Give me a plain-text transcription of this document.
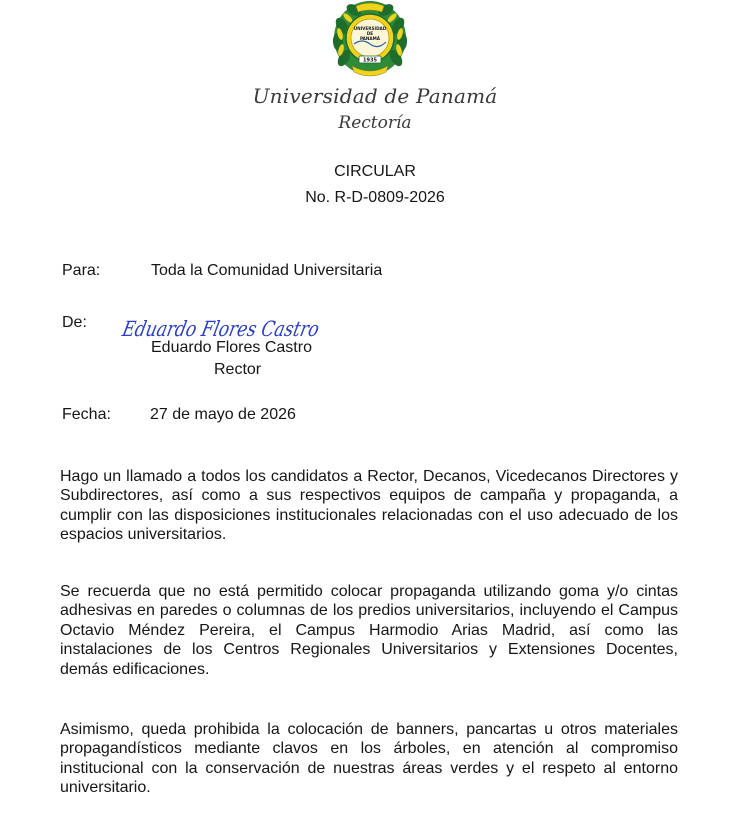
UNIVERSIDAD
DE
PANAMÁ
1935
Universidad de Panamá
Rectoría
CIRCULAR
No. R-D-0809-2026
Para:	Toda la Comunidad Universitaria
De: Eduardo Flores Castro
Eduardo Flores Castro
Rector
Fecha: 27 de mayo de 2026
Hago un llamado a todos los candidatos a Rector, Decanos, Vicedecanos Directores y Subdirectores, así como a sus respectivos equipos de campaña y propaganda, a cumplir con las disposiciones institucionales relacionadas con el uso adecuado de los espacios universitarios.
Se recuerda que no está permitido colocar propaganda utilizando goma y/o cintas adhesivas en paredes o columnas de los predios universitarios, incluyendo el Campus Octavio Méndez Pereira, el Campus Harmodio Arias Madrid, así como las instalaciones de los Centros Regionales Universitarios y Extensiones Docentes, demás edificaciones.
Asimismo, queda prohibida la colocación de banners, pancartas u otros materiales propagandísticos mediante clavos en los árboles, en atención al compromiso institucional con la conservación de nuestras áreas verdes y el respeto al entorno universitario.
